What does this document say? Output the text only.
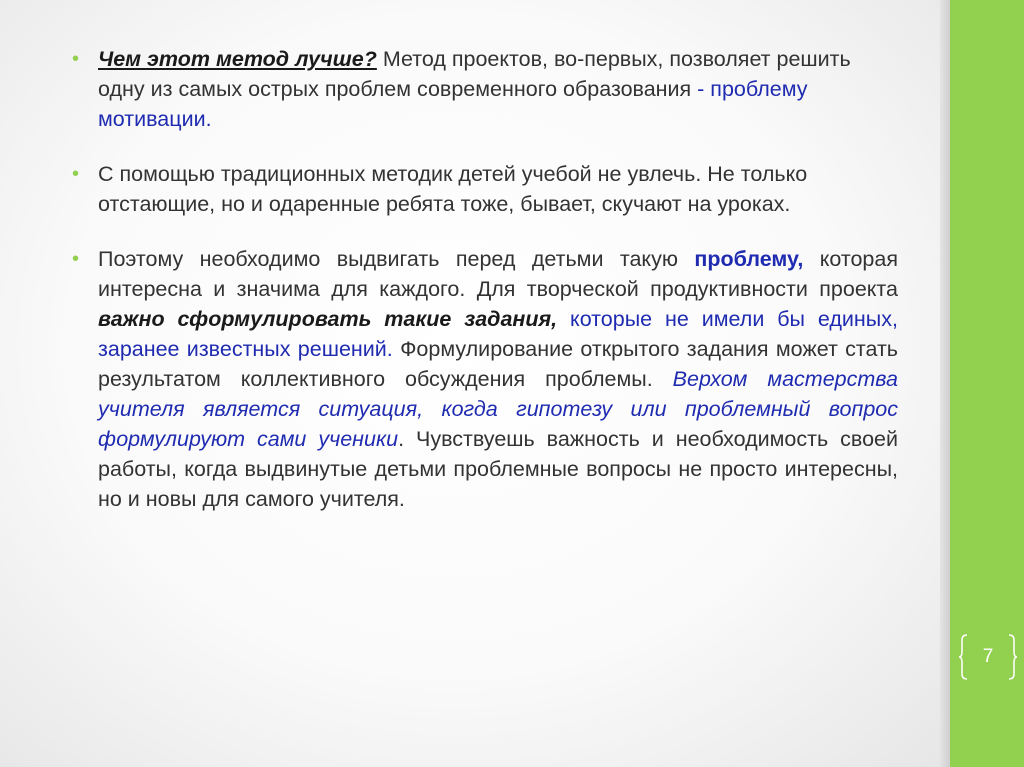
• Чем этот метод лучше? Метод проектов, во-первых, позволяет решить одну из самых острых проблем современного образования - проблему мотивации.
• С помощью традиционных методик детей учебой не увлечь. Не только отстающие, но и одаренные ребята тоже, бывает, скучают на уроках.
• Поэтому необходимо выдвигать перед детьми такую проблему, которая интересна и значима для каждого. Для творческой продуктивности проекта важно сформулировать такие задания, которые не имели бы единых, заранее известных решений. Формулирование открытого задания может стать результатом коллективного обсуждения проблемы. Верхом мастерства учителя является ситуация, когда гипотезу или проблемный вопрос формулируют сами ученики. Чувствуешь важность и необходимость своей работы, когда выдвинутые детьми проблемные вопросы не просто интересны, но и новы для самого учителя.
7
